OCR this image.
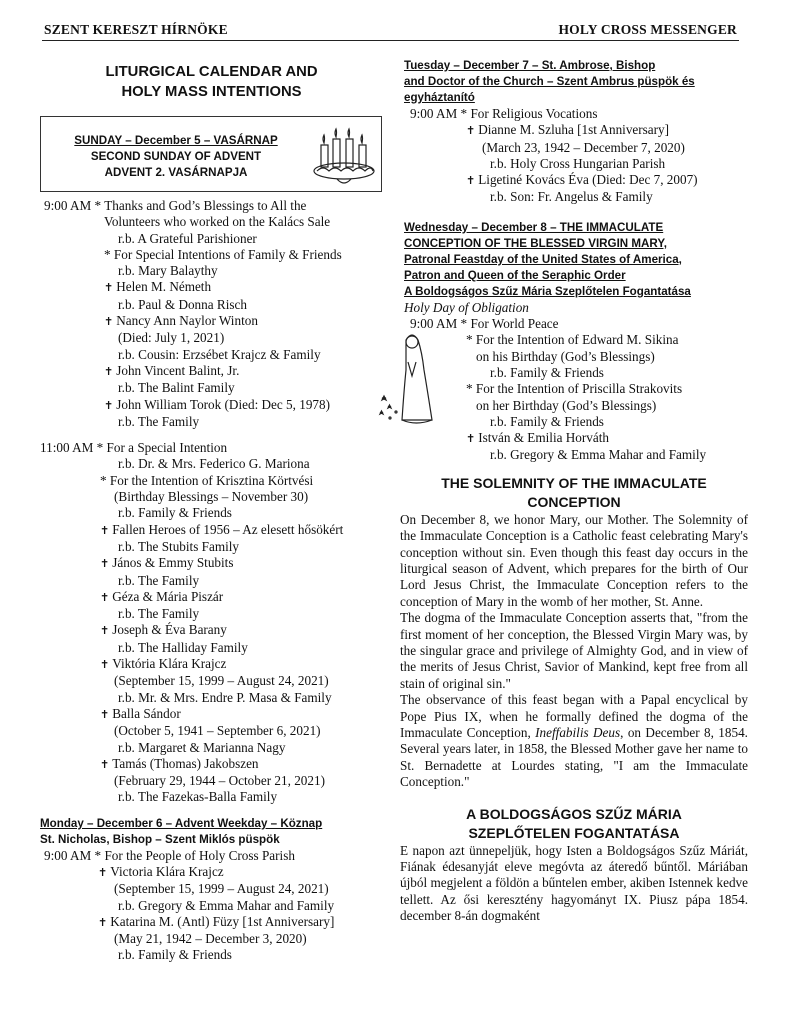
SZENT KERESZT HÍRNÖKE	HOLY CROSS MESSENGER
LITURGICAL CALENDAR AND
HOLY MASS INTENTIONS
SUNDAY – December 5 – VASÁRNAP
SECOND SUNDAY OF ADVENT
ADVENT 2. VASÁRNAPJA
9:00 AM * Thanks and God’s Blessings to All the
Volunteers who worked on the Kalács Sale
r.b. A Grateful Parishioner
* For Special Intentions of Family & Friends
r.b. Mary Balaythy
✝ Helen M. Németh
r.b. Paul & Donna Risch
✝ Nancy Ann Naylor Winton
(Died: July 1, 2021)
r.b. Cousin: Erzsébet Krajcz & Family
✝ John Vincent Balint, Jr.
r.b. The Balint Family
✝ John William Torok (Died: Dec 5, 1978)
r.b. The Family
11:00 AM * For a Special Intention
r.b. Dr. & Mrs. Federico G. Mariona
* For the Intention of Krisztina Körtvési
(Birthday Blessings – November 30)
r.b. Family & Friends
✝ Fallen Heroes of 1956 – Az elesett hősökért
r.b. The Stubits Family
✝ János & Emmy Stubits
r.b. The Family
✝ Géza & Mária Piszár
r.b. The Family
✝ Joseph & Éva Barany
r.b. The Halliday Family
✝ Viktória Klára Krajcz
(September 15, 1999 – August 24, 2021)
r.b. Mr. & Mrs. Endre P. Masa & Family
✝ Balla Sándor
(October 5, 1941 – September 6, 2021)
r.b. Margaret & Marianna Nagy
✝ Tamás (Thomas) Jakobszen
(February 29, 1944 – October 21, 2021)
r.b. The Fazekas-Balla Family
Monday – December 6 – Advent Weekday – Köznap
St. Nicholas, Bishop – Szent Miklós püspök
9:00 AM * For the People of Holy Cross Parish
✝ Victoria Klára Krajcz
(September 15, 1999 – August 24, 2021)
r.b. Gregory & Emma Mahar and Family
✝ Katarina M. (Antl) Füzy [1st Anniversary]
(May 21, 1942 – December 3, 2020)
r.b. Family & Friends
Tuesday – December 7 – St. Ambrose, Bishop
and Doctor of the Church – Szent Ambrus püspök és
egyháztanító
9:00 AM * For Religious Vocations
✝ Dianne M. Szluha [1st Anniversary]
(March 23, 1942 – December 7, 2020)
r.b. Holy Cross Hungarian Parish
✝ Ligetiné Kovács Éva (Died: Dec 7, 2007)
r.b. Son: Fr. Angelus & Family
Wednesday – December 8 – THE IMMACULATE
CONCEPTION OF THE BLESSED VIRGIN MARY,
Patronal Feastday of the United States of America,
Patron and Queen of the Seraphic Order
A Boldogságos Szűz Mária Szeplőtelen Fogantatása
Holy Day of Obligation
9:00 AM * For World Peace
* For the Intention of Edward M. Sikina
on his Birthday (God’s Blessings)
r.b. Family & Friends
* For the Intention of Priscilla Strakovits
on her Birthday (God’s Blessings)
r.b. Family & Friends
✝ István & Emilia Horváth
r.b. Gregory & Emma Mahar and Family
THE SOLEMNITY OF THE IMMACULATE
CONCEPTION
On December 8, we honor Mary, our Mother. The Solemnity of the Immaculate Conception is a Catholic feast celebrating Mary's conception without sin. Even though this feast day occurs in the liturgical season of Advent, which prepares for the birth of Our Lord Jesus Christ, the Immaculate Conception refers to the conception of Mary in the womb of her mother, St. Anne.
The dogma of the Immaculate Conception asserts that, "from the first moment of her conception, the Blessed Virgin Mary was, by the singular grace and privilege of Almighty God, and in view of the merits of Jesus Christ, Savior of Mankind, kept free from all stain of original sin."
The observance of this feast began with a Papal encyclical by Pope Pius IX, when he formally defined the dogma of the Immaculate Conception, Ineffabilis Deus, on December 8, 1854. Several years later, in 1858, the Blessed Mother gave her name to St. Bernadette at Lourdes stating, "I am the Immaculate Conception."
A BOLDOGSÁGOS SZŰZ MÁRIA
SZEPLŐTELEN FOGANTATÁSA
E napon azt ünnepeljük, hogy Isten a Boldogságos Szűz Máriát, Fiának édesanyját eleve megóvta az áteredő bűntől. Máriában újból megjelent a földön a bűntelen ember, akiben Istennek kedve tellett. Az ősi keresztény hagyományt IX. Piusz pápa 1854. december 8-án dogmaként
